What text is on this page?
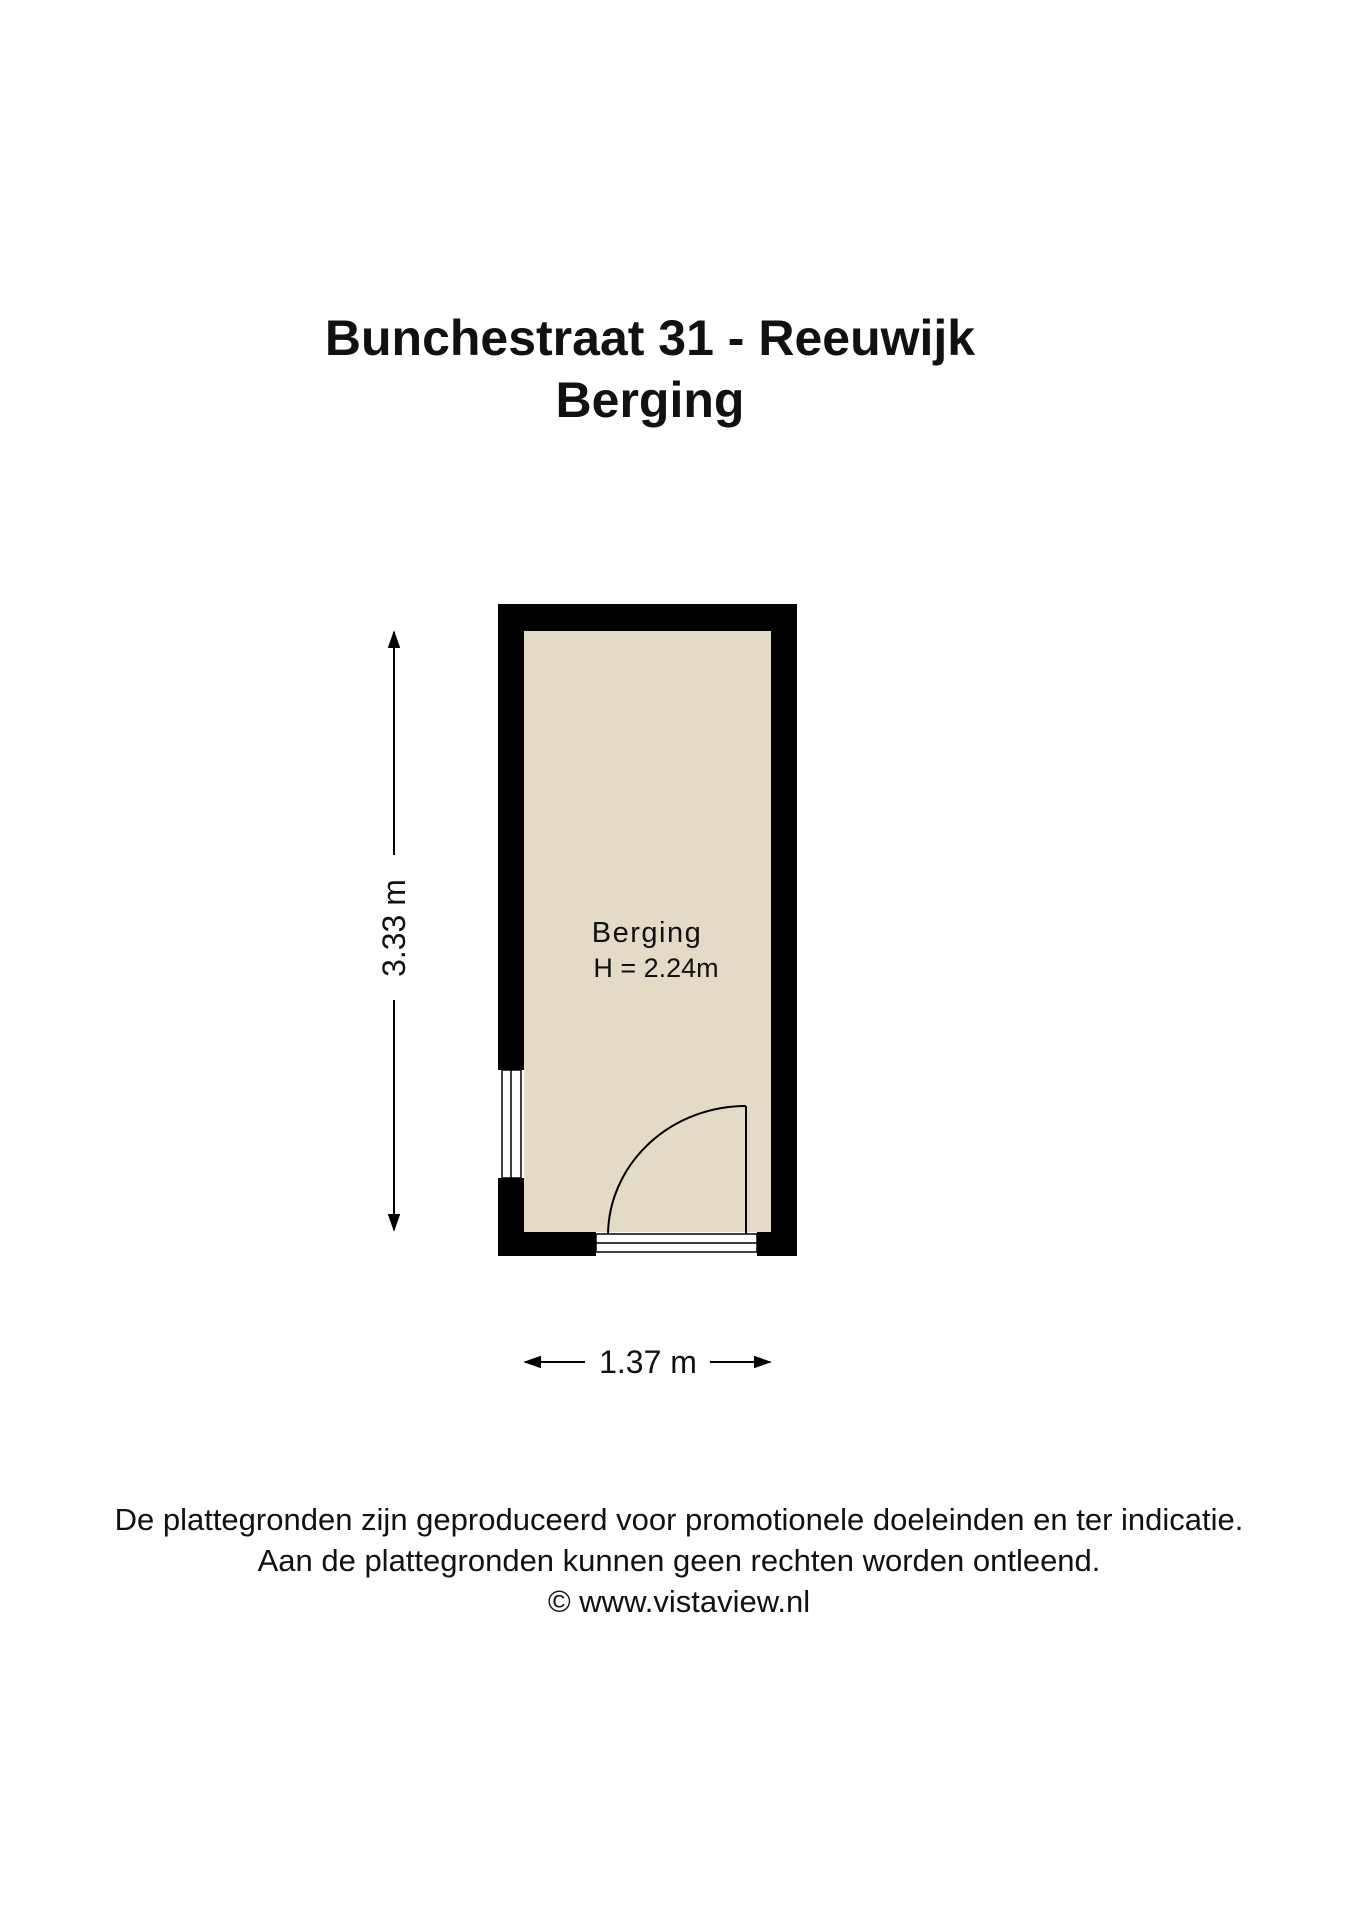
Bunchestraat 31 - Reeuwijk
Berging
3.33 m
1.37 m
Berging
H = 2.24m

De plattegronden zijn geproduceerd voor promotionele doeleinden en ter indicatie.

Aan de plattegronden kunnen geen rechten worden ontleend.

© www.vistaview.nl
